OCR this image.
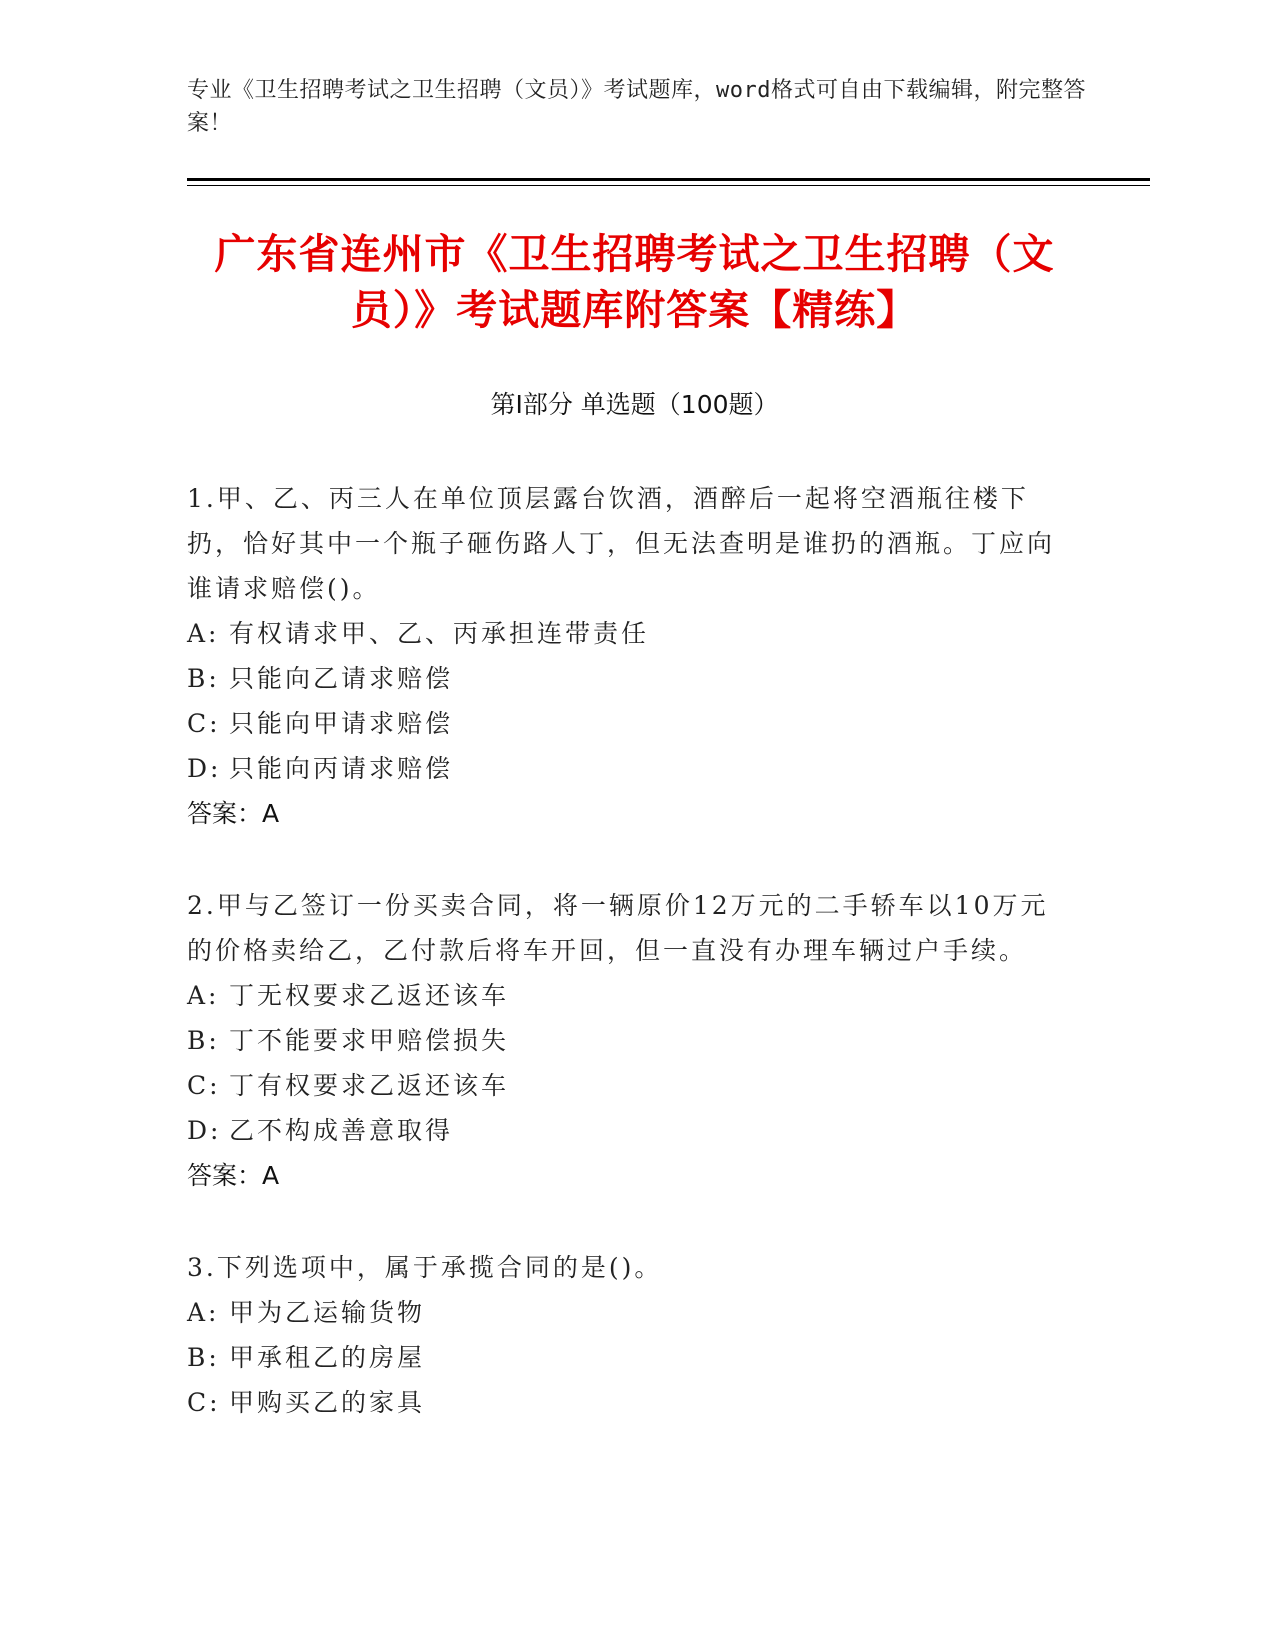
专业《卫生招聘考试之卫生招聘（文员）》考试题库，word格式可自由下载编辑，附完整答案！
广东省连州市《卫生招聘考试之卫生招聘（文员）》考试题库附答案【精练】
第Ⅰ部分 单选题（100题）

1.甲、乙、丙三人在单位顶层露台饮酒，酒醉后一起将空酒瓶往楼下扔，恰好其中一个瓶子砸伤路人丁，但无法查明是谁扔的酒瓶。丁应向谁请求赔偿()。

A: 有权请求甲、乙、丙承担连带责任

B: 只能向乙请求赔偿

C: 只能向甲请求赔偿

D: 只能向丙请求赔偿

答案：A

2.甲与乙签订一份买卖合同，将一辆原价12万元的二手轿车以10万元的价格卖给乙，乙付款后将车开回，但一直没有办理车辆过户手续。

A: 丁无权要求乙返还该车

B: 丁不能要求甲赔偿损失

C: 丁有权要求乙返还该车

D: 乙不构成善意取得

答案：A

3.下列选项中，属于承揽合同的是()。

A: 甲为乙运输货物

B: 甲承租乙的房屋

C: 甲购买乙的家具
